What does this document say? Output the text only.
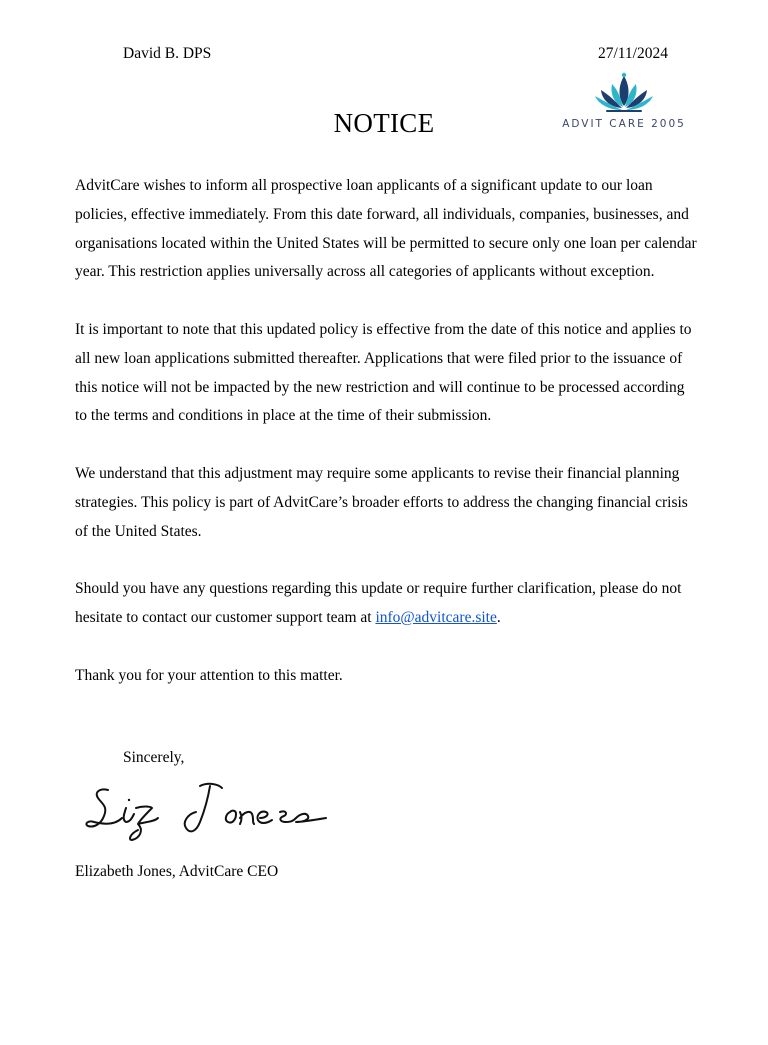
David B. DPS	27/11/2024
ADVIT CARE 2005
NOTICE

AdvitCare wishes to inform all prospective loan applicants of a significant update to our loan policies, effective immediately. From this date forward, all individuals, companies, businesses, and organisations located within the United States will be permitted to secure only one loan per calendar year. This restriction applies universally across all categories of applicants without exception.

It is important to note that this updated policy is effective from the date of this notice and applies to all new loan applications submitted thereafter. Applications that were filed prior to the issuance of this notice will not be impacted by the new restriction and will continue to be processed according to the terms and conditions in place at the time of their submission.

We understand that this adjustment may require some applicants to revise their financial planning strategies. This policy is part of AdvitCare’s broader efforts to address the changing financial crisis of the United States.

Should you have any questions regarding this update or require further clarification, please do not hesitate to contact our customer support team at info@advitcare.site.

Thank you for your attention to this matter.

Sincerely,
Elizabeth Jones, AdvitCare CEO
